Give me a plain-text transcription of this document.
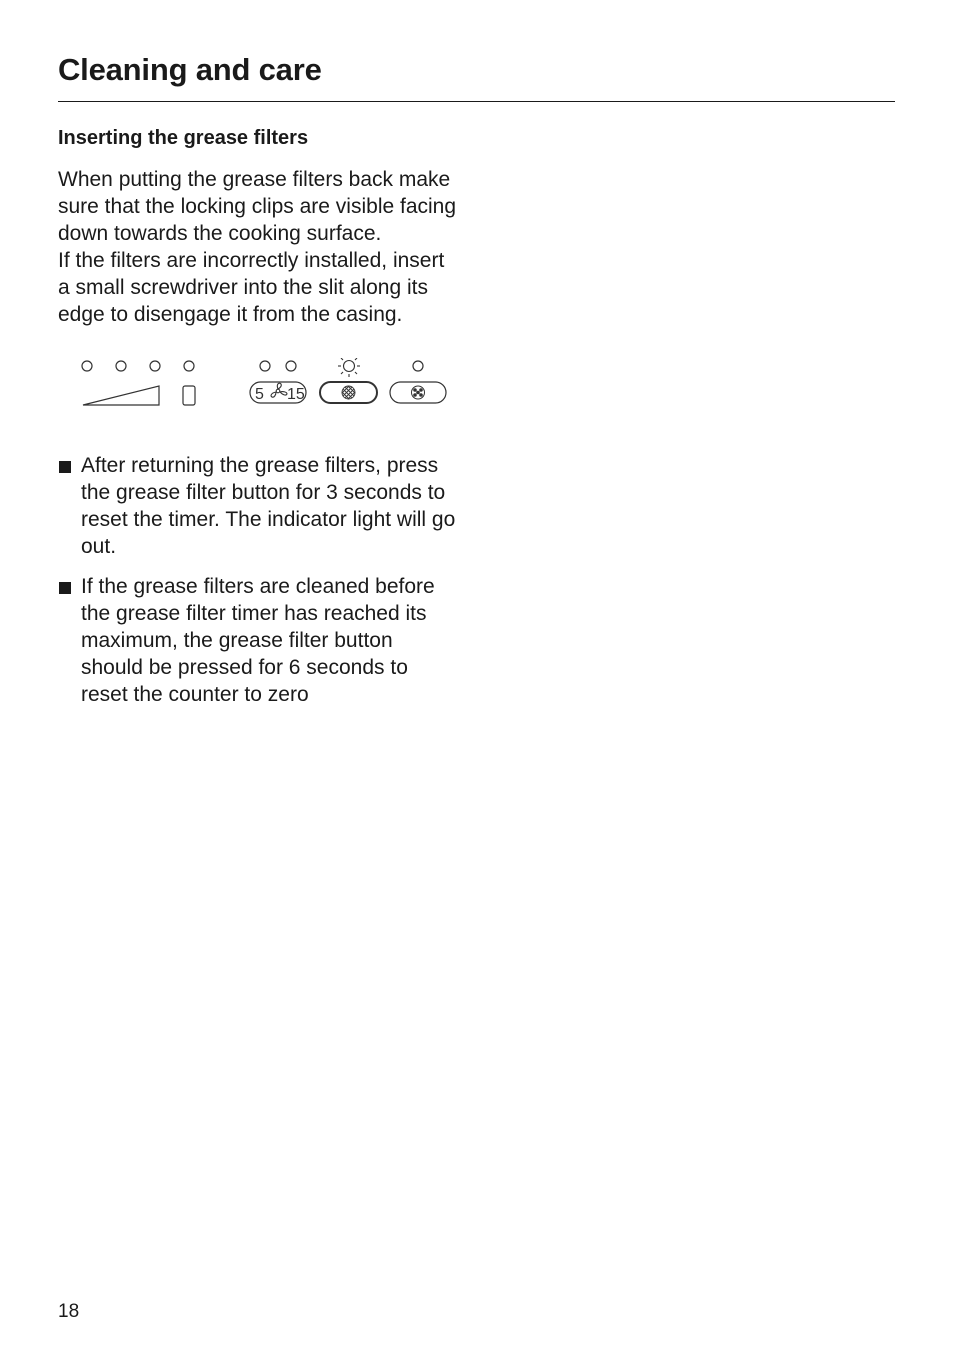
Cleaning and care
Inserting the grease filters

When putting the grease filters back make sure that the locking clips are visible facing down towards the cooking surface.

If the filters are incorrectly installed, insert a small screwdriver into the slit along its edge to disengage it from the casing.

5 15
After returning the grease filters, press the grease filter button for 3 seconds to reset the timer. The indicator light will go out.
If the grease filters are cleaned before the grease filter timer has reached its maximum, the grease filter button should be pressed for 6 seconds to reset the counter to zero
18
